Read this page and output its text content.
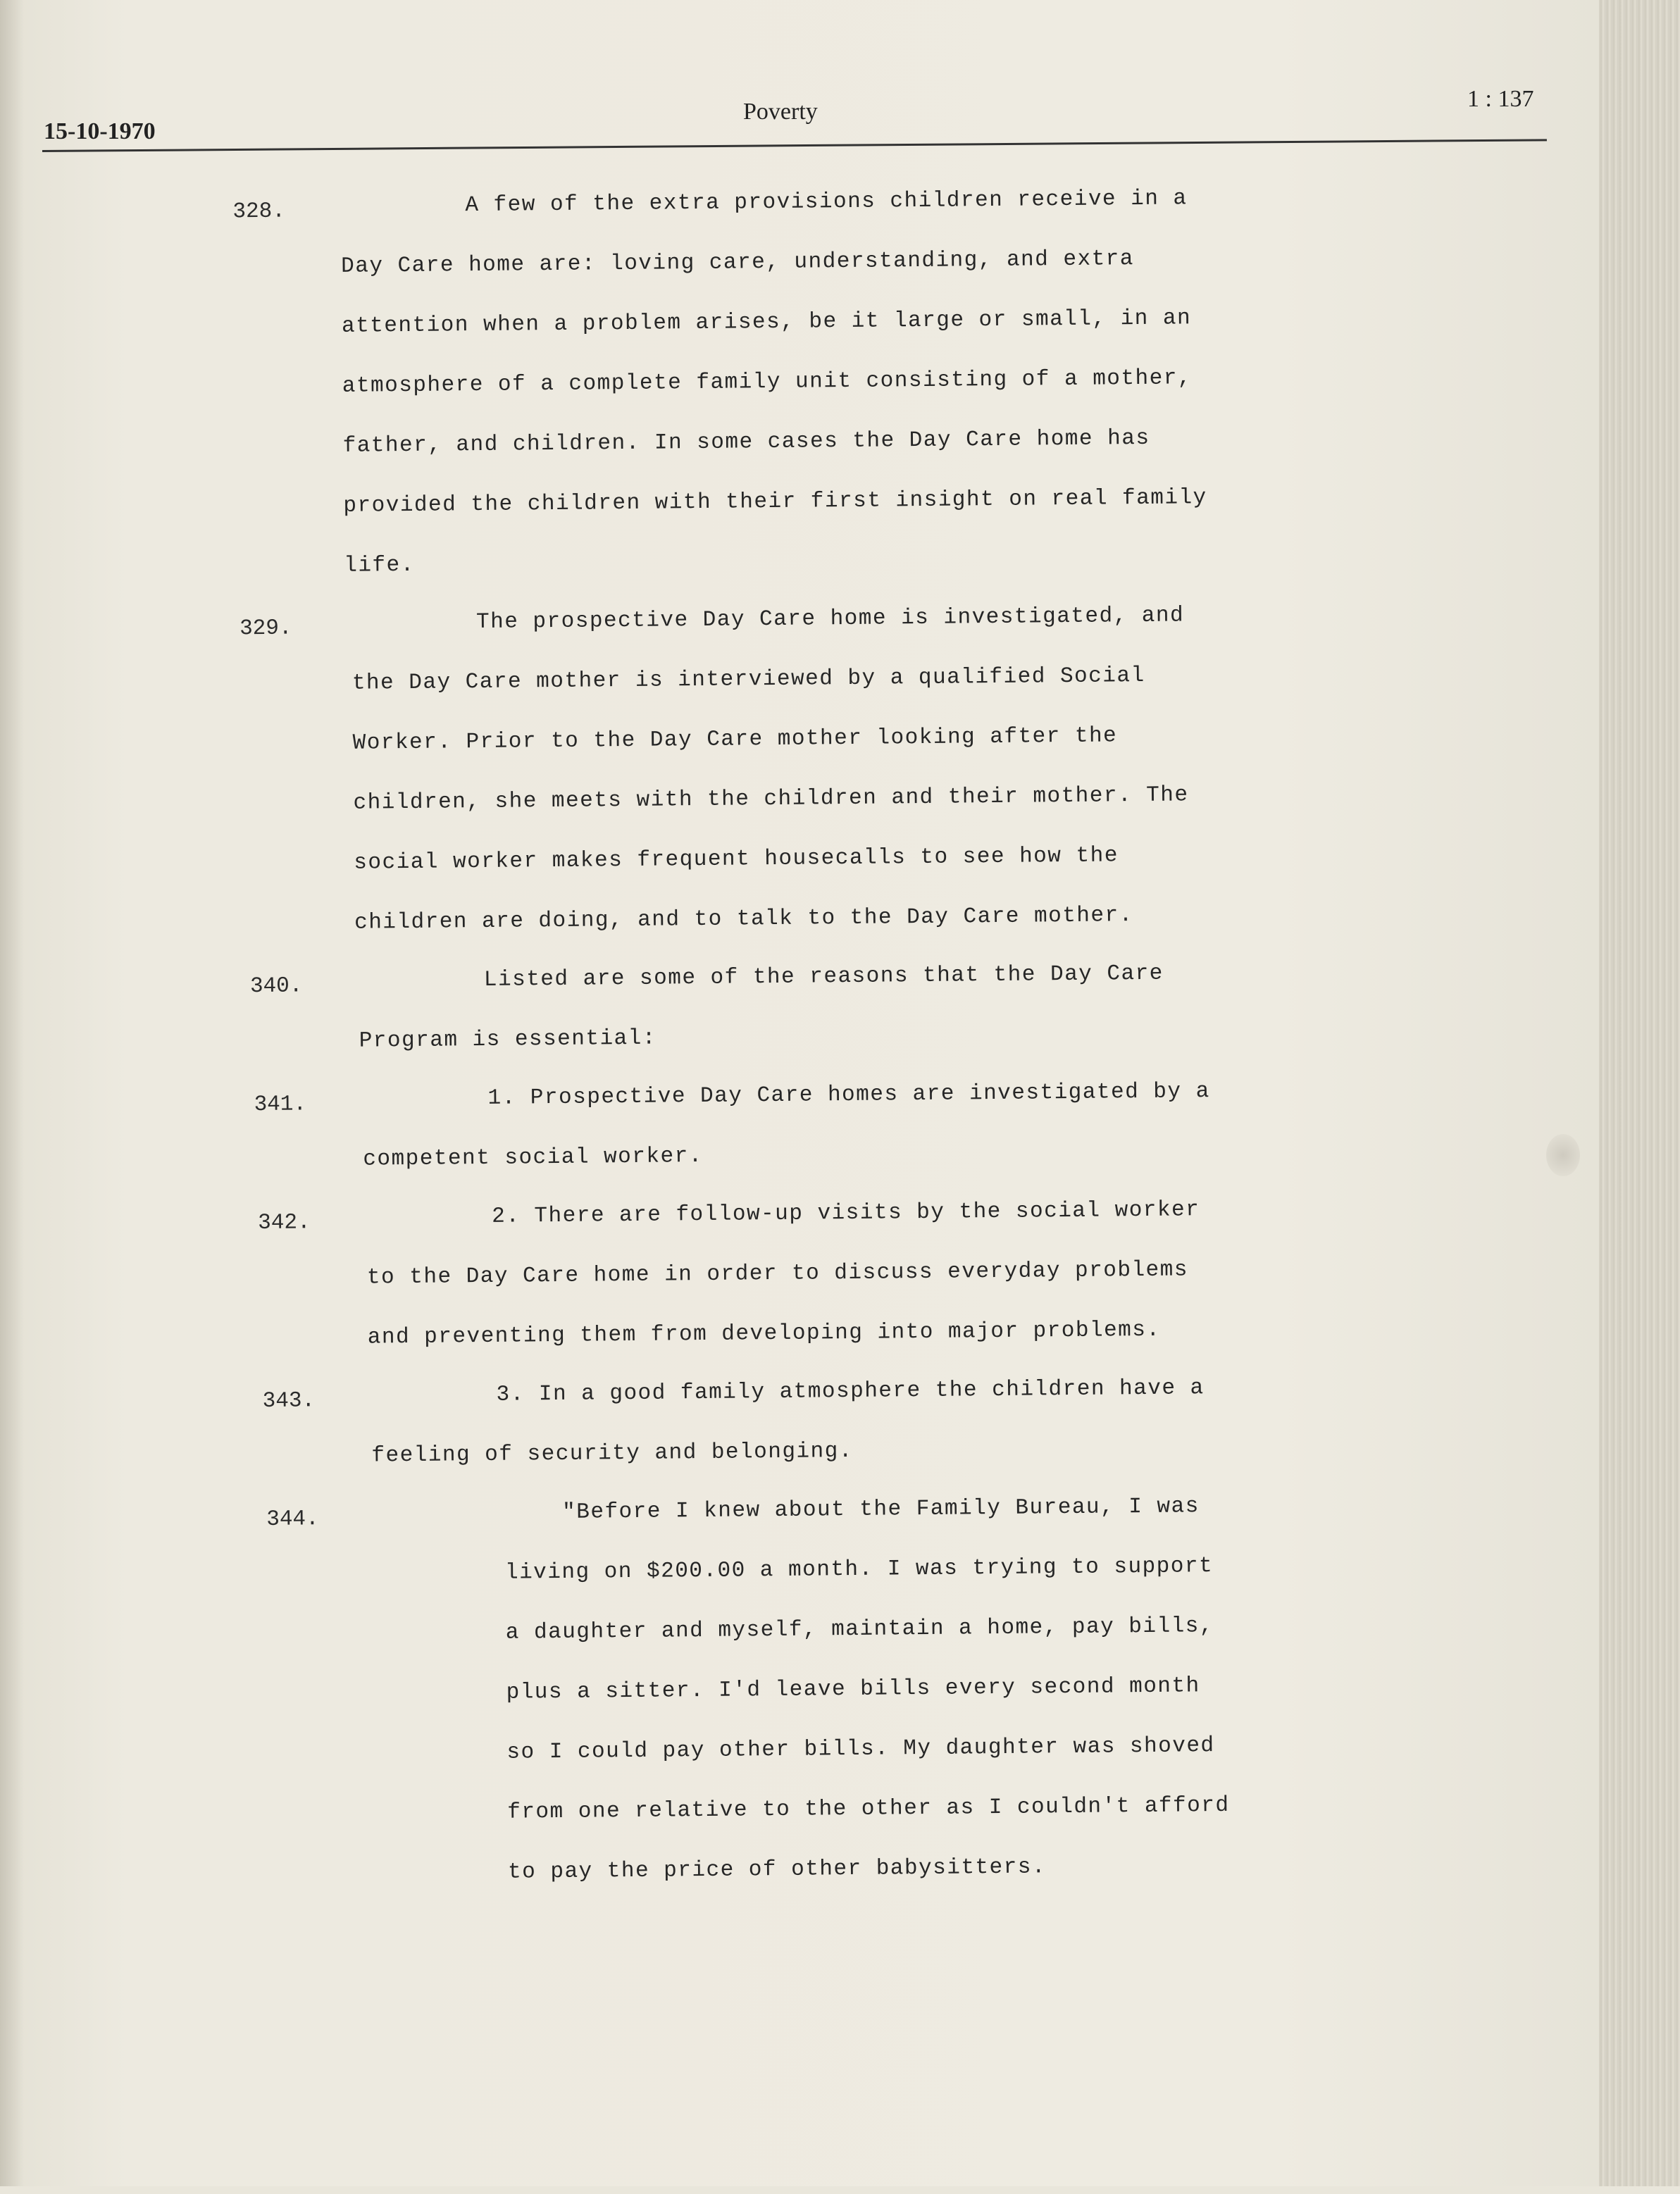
15-10-1970
Poverty	1 : 137
​
328.	A few of the extra provisions children receive in a
Day Care home are: loving care, understanding, and extra
attention when a problem arises, be it large or small, in an
atmosphere of a complete family unit consisting of a mother,
father, and children. In some cases the Day Care home has
provided the children with their first insight on real family
life.
329.	The prospective Day Care home is investigated, and
the Day Care mother is interviewed by a qualified Social
Worker. Prior to the Day Care mother looking after the
children, she meets with the children and their mother. The
social worker makes frequent housecalls to see how the
children are doing, and to talk to the Day Care mother.
340.	Listed are some of the reasons that the Day Care
Program is essential:
341.	1. Prospective Day Care homes are investigated by a
competent social worker.
342.	2. There are follow-up visits by the social worker
to the Day Care home in order to discuss everyday problems
and preventing them from developing into major problems.
343.	3. In a good family atmosphere the children have a
feeling of security and belonging.
344.	"Before I knew about the Family Bureau, I was
living on $200.00 a month. I was trying to support
a daughter and myself, maintain a home, pay bills,
plus a sitter. I'd leave bills every second month
so I could pay other bills. My daughter was shoved
from one relative to the other as I couldn't afford
to pay the price of other babysitters.
